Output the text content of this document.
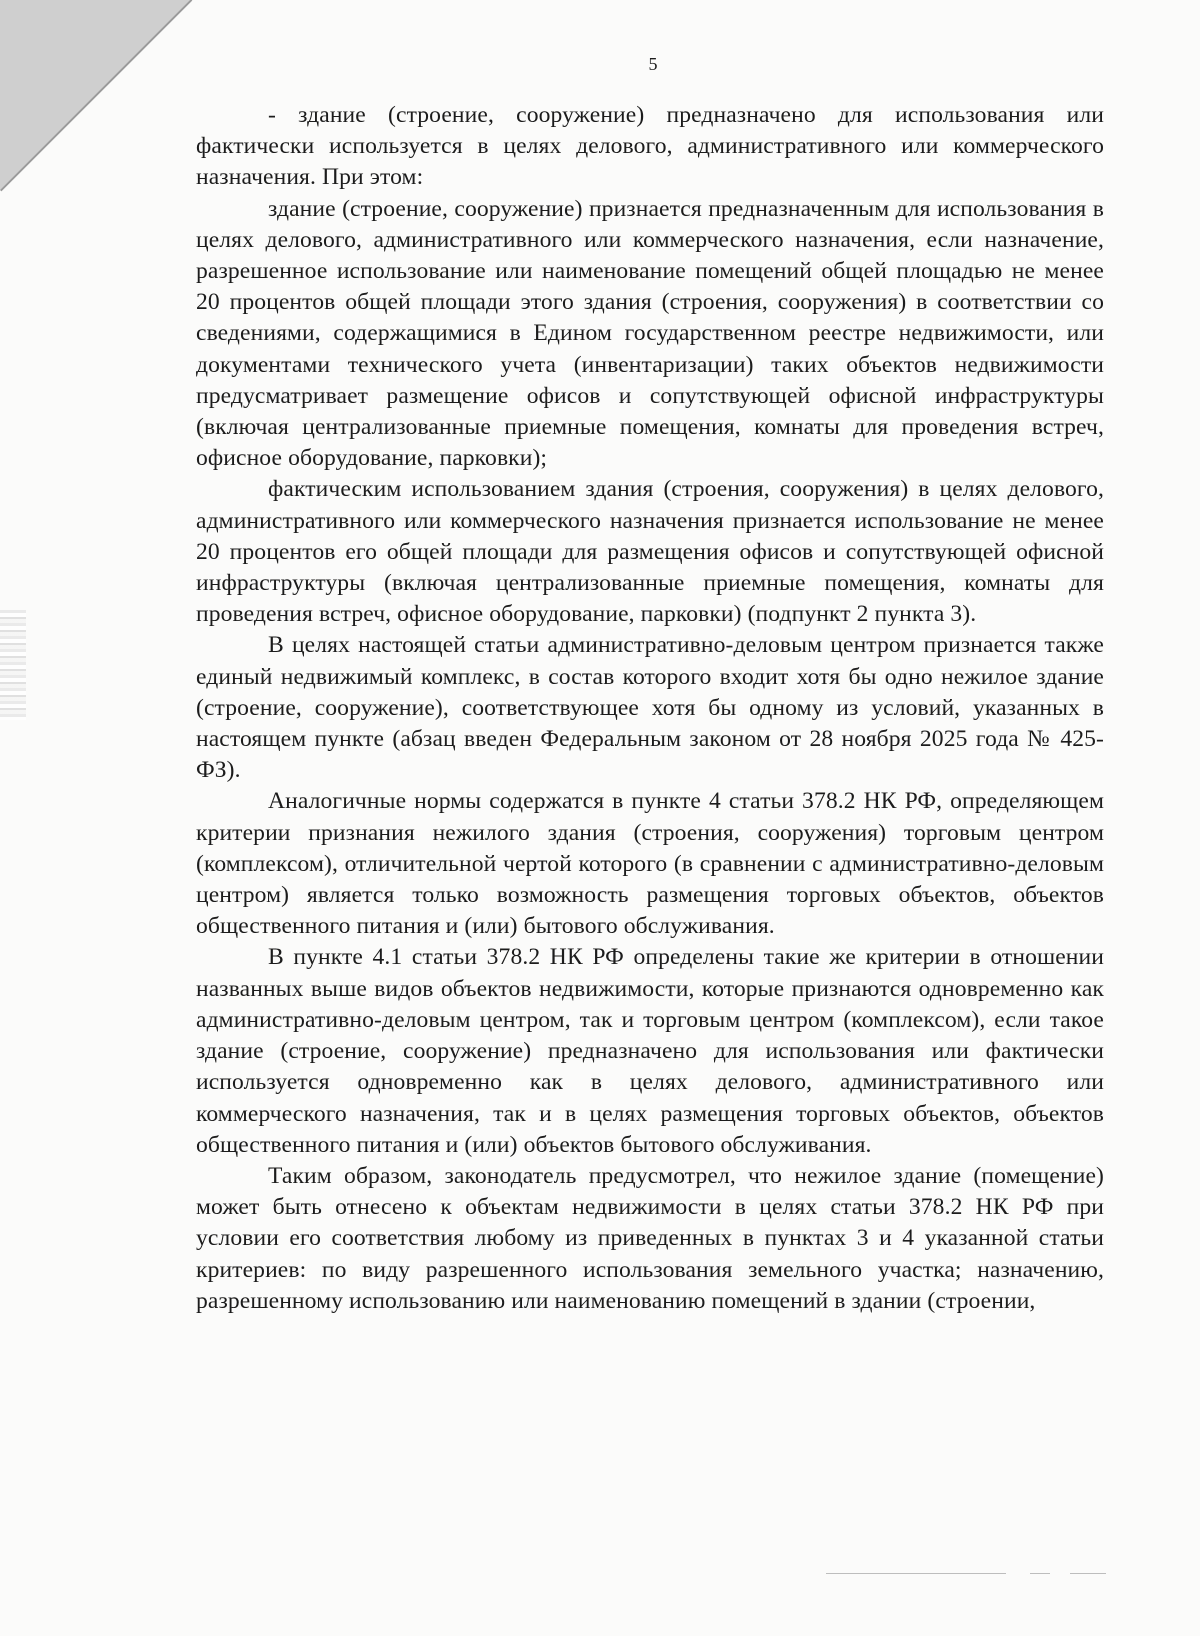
5

- здание (строение, сооружение) предназначено для использования или фактически используется в целях делового, административного или коммерческого назначения. При этом:

здание (строение, сооружение) признается предназначенным для использования в целях делового, административного или коммерческого назначения, если назначение, разрешенное использование или наименование помещений общей площадью не менее 20 процентов общей площади этого здания (строения, сооружения) в соответствии со сведениями, содержащимися в Едином государственном реестре недвижимости, или документами технического учета (инвентаризации) таких объектов недвижимости предусматривает размещение офисов и сопутствующей офисной инфраструктуры (включая централизованные приемные помещения, комнаты для проведения встреч, офисное оборудование, парковки);

фактическим использованием здания (строения, сооружения) в целях делового, административного или коммерческого назначения признается использование не менее 20 процентов его общей площади для размещения офисов и сопутствующей офисной инфраструктуры (включая централизованные приемные помещения, комнаты для проведения встреч, офисное оборудование, парковки) (подпункт 2 пункта 3).

В целях настоящей статьи административно-деловым центром признается также единый недвижимый комплекс, в состав которого входит хотя бы одно нежилое здание (строение, сооружение), соответствующее хотя бы одному из условий, указанных в настоящем пункте (абзац введен Федеральным законом от 28 ноября 2025 года № 425-ФЗ).

Аналогичные нормы содержатся в пункте 4 статьи 378.2 НК РФ, определяющем критерии признания нежилого здания (строения, сооружения) торговым центром (комплексом), отличительной чертой которого (в сравнении с административно-деловым центром) является только возможность размещения торговых объектов, объектов общественного питания и (или) бытового обслуживания.

В пункте 4.1 статьи 378.2 НК РФ определены такие же критерии в отношении названных выше видов объектов недвижимости, которые признаются одновременно как административно-деловым центром, так и торговым центром (комплексом), если такое здание (строение, сооружение) предназначено для использования или фактически используется одновременно как в целях делового, административного или коммерческого назначения, так и в целях размещения торговых объектов, объектов общественного питания и (или) объектов бытового обслуживания.

Таким образом, законодатель предусмотрел, что нежилое здание (помещение) может быть отнесено к объектам недвижимости в целях статьи 378.2 НК РФ при условии его соответствия любому из приведенных в пунктах 3 и 4 указанной статьи критериев: по виду разрешенного использования земельного участка; назначению, разрешенному использованию или наименованию помещений в здании (строении,
